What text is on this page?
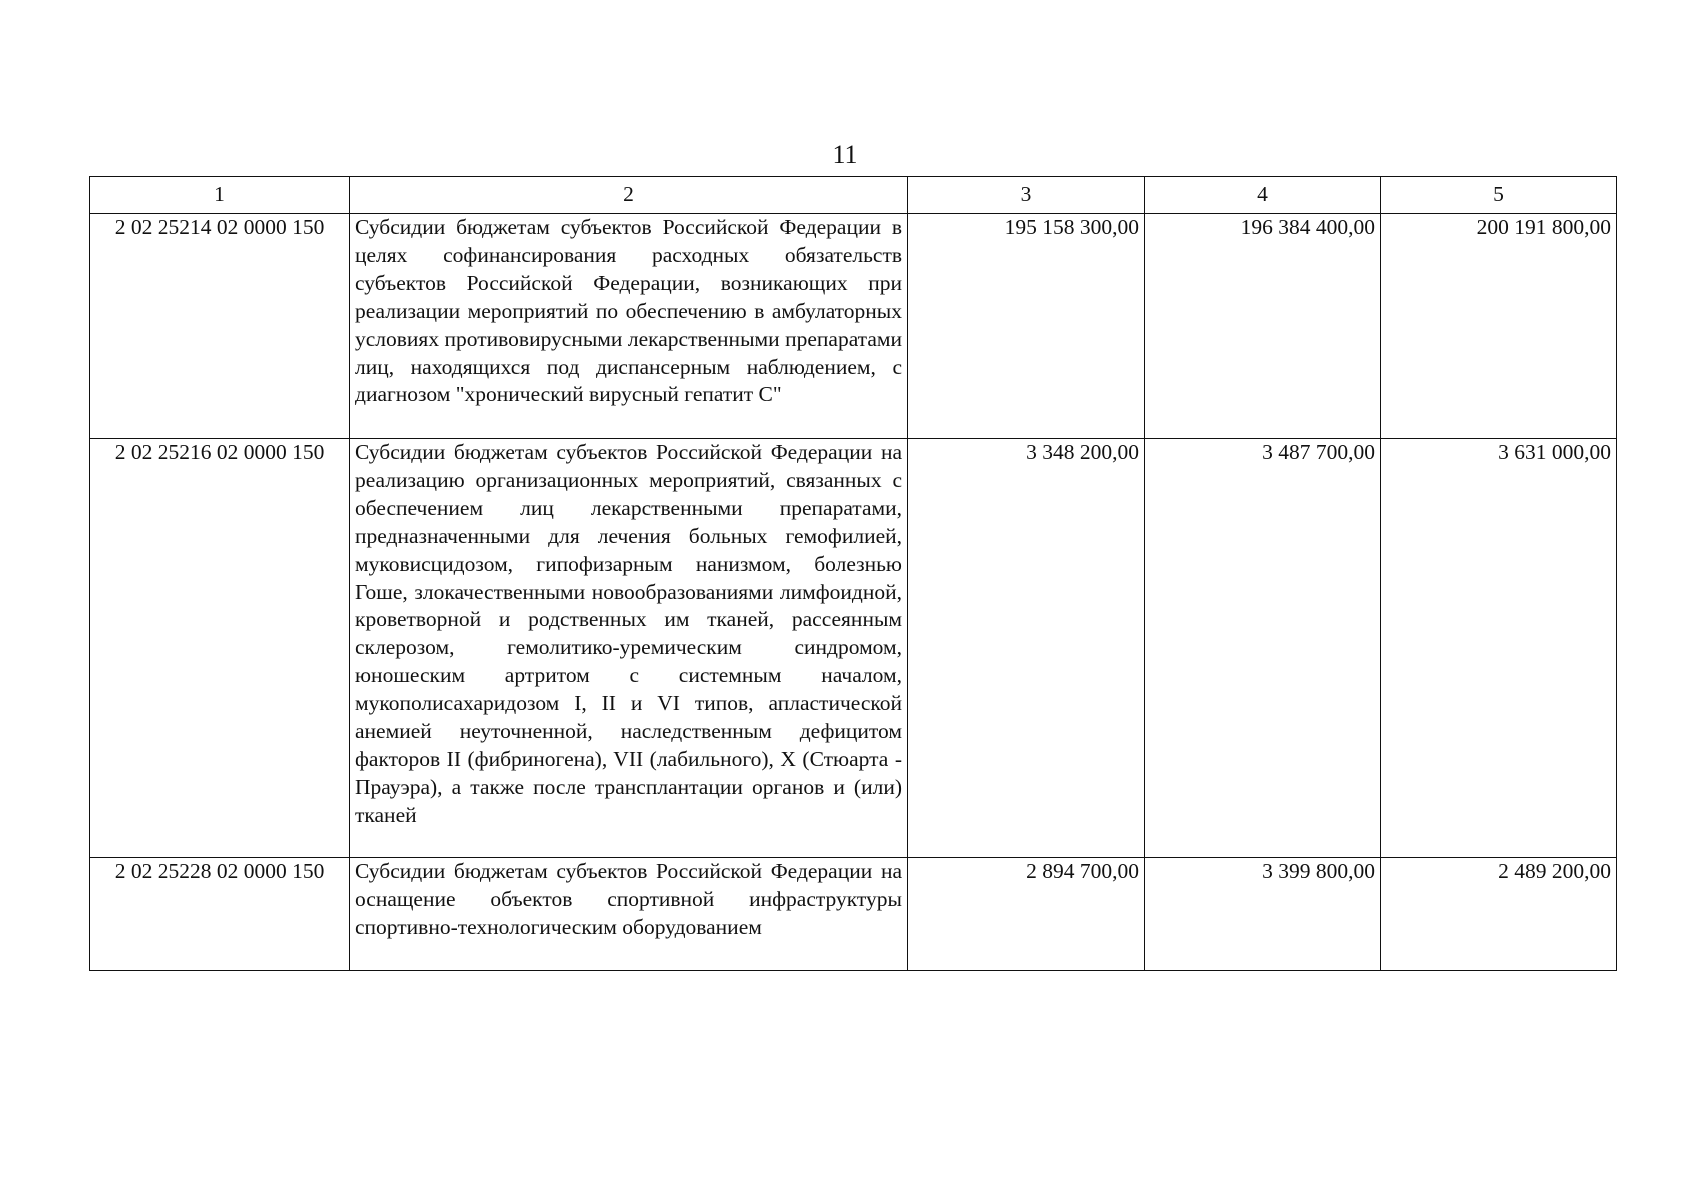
11
1	2	3	4	5
2 02 25214 02 0000 150	Субсидии бюджетам субъектов Российской Федерации в целях софинансирования расходных обязательств субъектов Российской Федерации, возникающих при реализации мероприятий по обеспечению в амбулаторных условиях противовирусными лекарственными препаратами лиц, находящихся под диспансерным наблюдением, с диагнозом "хронический вирусный гепатит С"	195 158 300,00	196 384 400,00	200 191 800,00
2 02 25216 02 0000 150	Субсидии бюджетам субъектов Российской Федерации на реализацию организационных мероприятий, связанных с обеспечением лиц лекарственными препаратами, предназначенными для лечения больных гемофилией, муковисцидозом, гипофизарным нанизмом, болезнью Гоше, злокачественными новообразованиями лимфоидной, кроветворной и родственных им тканей, рассеянным склерозом, гемолитико-уремическим синдромом, юношеским артритом с системным началом, мукополисахаридозом I, II и VI типов, апластической анемией неуточненной, наследственным дефицитом факторов II (фибриногена), VII (лабильного), X (Стюарта - Прауэра), а также после трансплантации органов и (или) тканей	3 348 200,00	3 487 700,00	3 631 000,00
2 02 25228 02 0000 150	Субсидии бюджетам субъектов Российской Федерации на оснащение объектов спортивной инфраструктуры спортивно-технологическим оборудованием	2 894 700,00	3 399 800,00	2 489 200,00
